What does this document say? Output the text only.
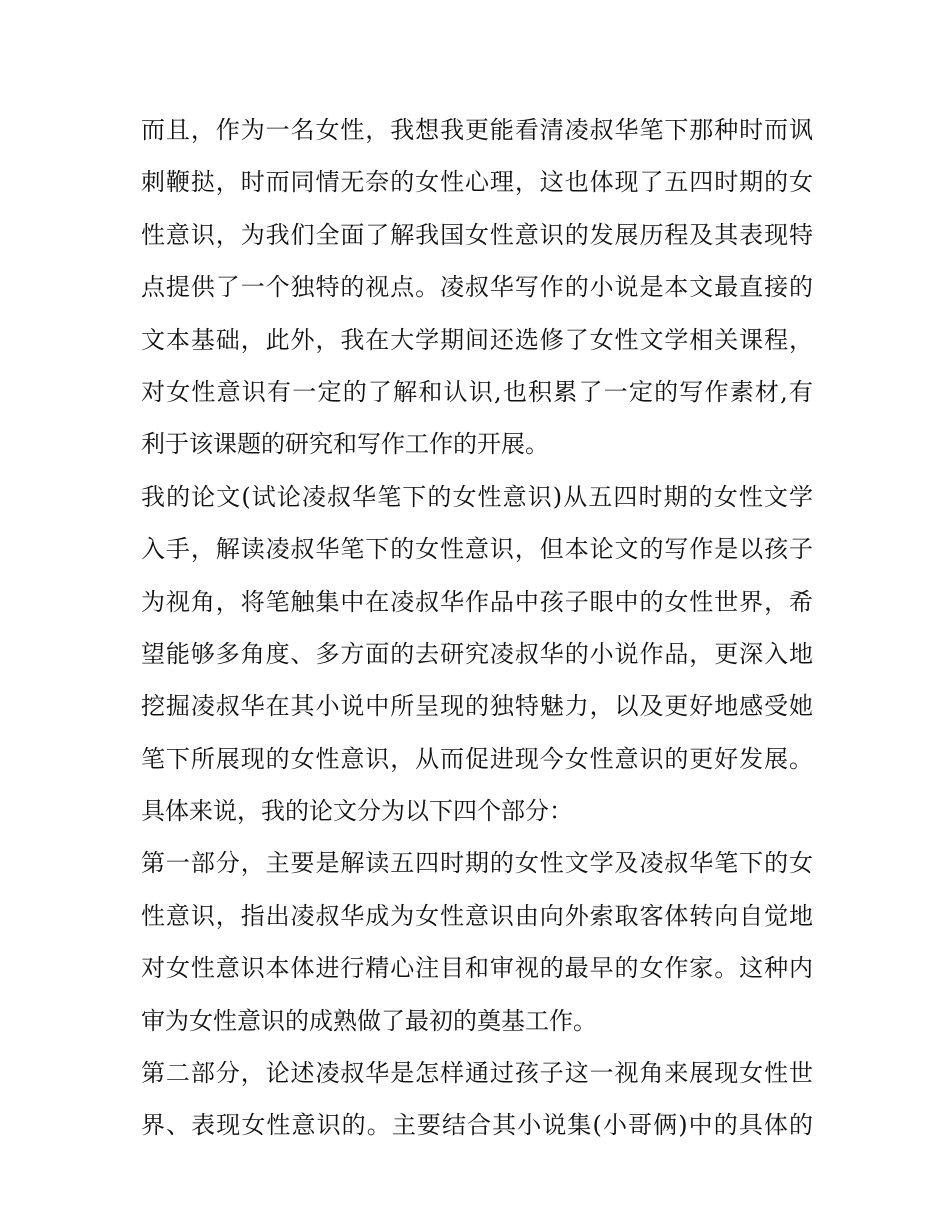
而且，作为一名女性，我想我更能看清凌叔华笔下那种时而讽
刺鞭挞，时而同情无奈的女性心理，这也体现了五四时期的女
性意识，为我们全面了解我国女性意识的发展历程及其表现特
点提供了一个独特的视点。凌叔华写作的小说是本文最直接的
文本基础，此外，我在大学期间还选修了女性文学相关课程，
对女性意识有一定的了解和认识,也积累了一定的写作素材,有
利于该课题的研究和写作工作的开展。
我的论文(试论凌叔华笔下的女性意识)从五四时期的女性文学
入手，解读凌叔华笔下的女性意识，但本论文的写作是以孩子
为视角，将笔触集中在凌叔华作品中孩子眼中的女性世界，希
望能够多角度、多方面的去研究凌叔华的小说作品，更深入地
挖掘凌叔华在其小说中所呈现的独特魅力，以及更好地感受她
笔下所展现的女性意识，从而促进现今女性意识的更好发展。
具体来说，我的论文分为以下四个部分：
第一部分，主要是解读五四时期的女性文学及凌叔华笔下的女
性意识，指出凌叔华成为女性意识由向外索取客体转向自觉地
对女性意识本体进行精心注目和审视的最早的女作家。这种内
审为女性意识的成熟做了最初的奠基工作。
第二部分，论述凌叔华是怎样通过孩子这一视角来展现女性世
界、表现女性意识的。主要结合其小说集(小哥俩)中的具体的
